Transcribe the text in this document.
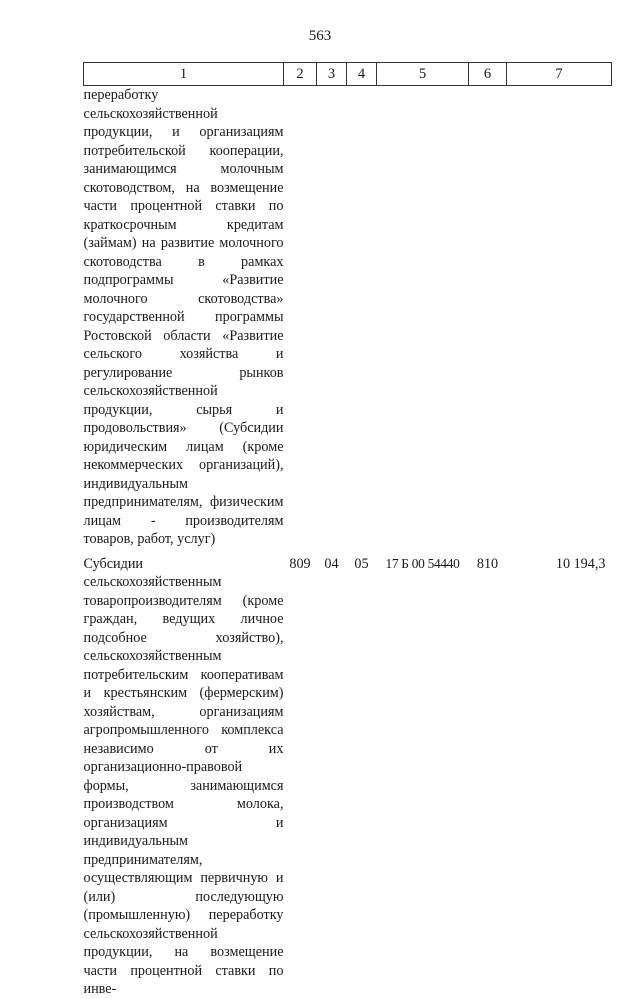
563
1	2	3	4	5	6	7
переработку сельскохозяйственной продукции, и организациям потребительской кооперации, занимающимся молочным скотоводством, на возмещение части процентной ставки по краткосрочным кредитам (займам) на развитие молочного скотоводства в рамках подпрограммы «Развитие молочного скотоводства» государственной программы Ростовской области «Развитие сельского хозяйства и регулирование рынков сельскохозяйственной продукции, сырья и продовольствия» (Субсидии юридическим лицам (кроме некоммерческих организаций), индивидуальным предпринимателям, физическим лицам - производителям товаров, работ, услуг)						
Субсидии сельскохозяйственным товаропроизводителям (кроме граждан, ведущих личное подсобное хозяйство), сельскохозяйственным потребительским кооперативам и крестьянским (фермерским) хозяйствам, организациям агропромышленного комплекса независимо от их организационно-правовой формы, занимающимся производством молока, организациям и индивидуальным предпринимателям, осуществляющим первичную и (или) последующую (промышленную) переработку сельскохозяйственной продукции, на возмещение части процентной ставки по инве-	809	04	05	17 Б 00 54440	810	10 194,3
